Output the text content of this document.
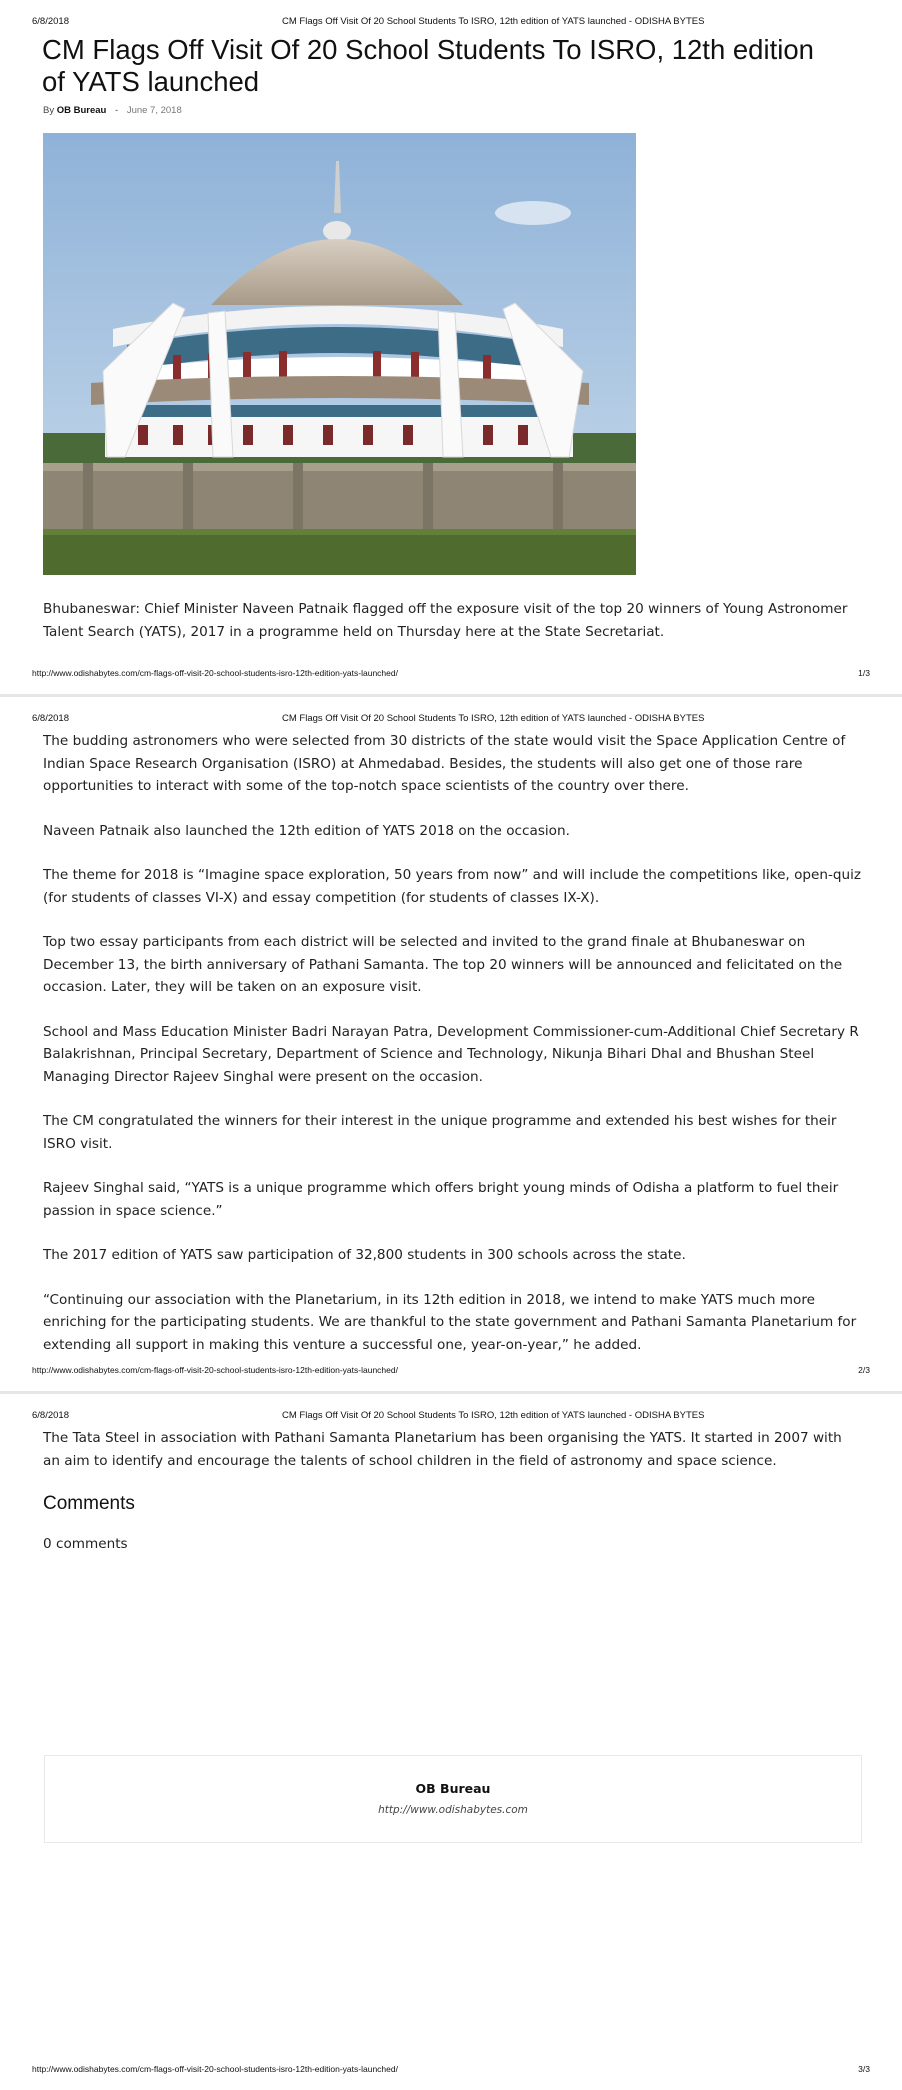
6/8/2018	CM Flags Off Visit Of 20 School Students To ISRO, 12th edition of YATS launched - ODISHA BYTES
CM Flags Off Visit Of 20 School Students To ISRO, 12th edition of YATS launched
By OB Bureau - June 7, 2018

Bhubaneswar: Chief Minister Naveen Patnaik flagged off the exposure visit of the top 20 winners of Young Astronomer Talent Search (YATS), 2017 in a programme held on Thursday here at the State Secretariat.

http://www.odishabytes.com/cm-flags-off-visit-20-school-students-isro-12th-edition-yats-launched/	1/3
6/8/2018	CM Flags Off Visit Of 20 School Students To ISRO, 12th edition of YATS launched - ODISHA BYTES

The budding astronomers who were selected from 30 districts of the state would visit the Space Application Centre of Indian Space Research Organisation (ISRO) at Ahmedabad. Besides, the students will also get one of those rare opportunities to interact with some of the top-notch space scientists of the country over there.

Naveen Patnaik also launched the 12th edition of YATS 2018 on the occasion.

The theme for 2018 is “Imagine space exploration, 50 years from now” and will include the competitions like, open-quiz (for students of classes VI-X) and essay competition (for students of classes IX-X).

Top two essay participants from each district will be selected and invited to the grand finale at Bhubaneswar on December 13, the birth anniversary of Pathani Samanta. The top 20 winners will be announced and felicitated on the occasion. Later, they will be taken on an exposure visit.

School and Mass Education Minister Badri Narayan Patra, Development Commissioner-cum-Additional Chief Secretary R Balakrishnan, Principal Secretary, Department of Science and Technology, Nikunja Bihari Dhal and Bhushan Steel Managing Director Rajeev Singhal were present on the occasion.

The CM congratulated the winners for their interest in the unique programme and extended his best wishes for their ISRO visit.

Rajeev Singhal said, “YATS is a unique programme which offers bright young minds of Odisha a platform to fuel their passion in space science.”

The 2017 edition of YATS saw participation of 32,800 students in 300 schools across the state.

“Continuing our association with the Planetarium, in its 12th edition in 2018, we intend to make YATS much more enriching for the participating students. We are thankful to the state government and Pathani Samanta Planetarium for extending all support in making this venture a successful one, year-on-year,” he added.

http://www.odishabytes.com/cm-flags-off-visit-20-school-students-isro-12th-edition-yats-launched/	2/3
6/8/2018	CM Flags Off Visit Of 20 School Students To ISRO, 12th edition of YATS launched - ODISHA BYTES

The Tata Steel in association with Pathani Samanta Planetarium has been organising the YATS. It started in 2007 with an aim to identify and encourage the talents of school children in the field of astronomy and space science.

Comments
0 comments
OB Bureau
http://www.odishabytes.com
http://www.odishabytes.com/cm-flags-off-visit-20-school-students-isro-12th-edition-yats-launched/	3/3
